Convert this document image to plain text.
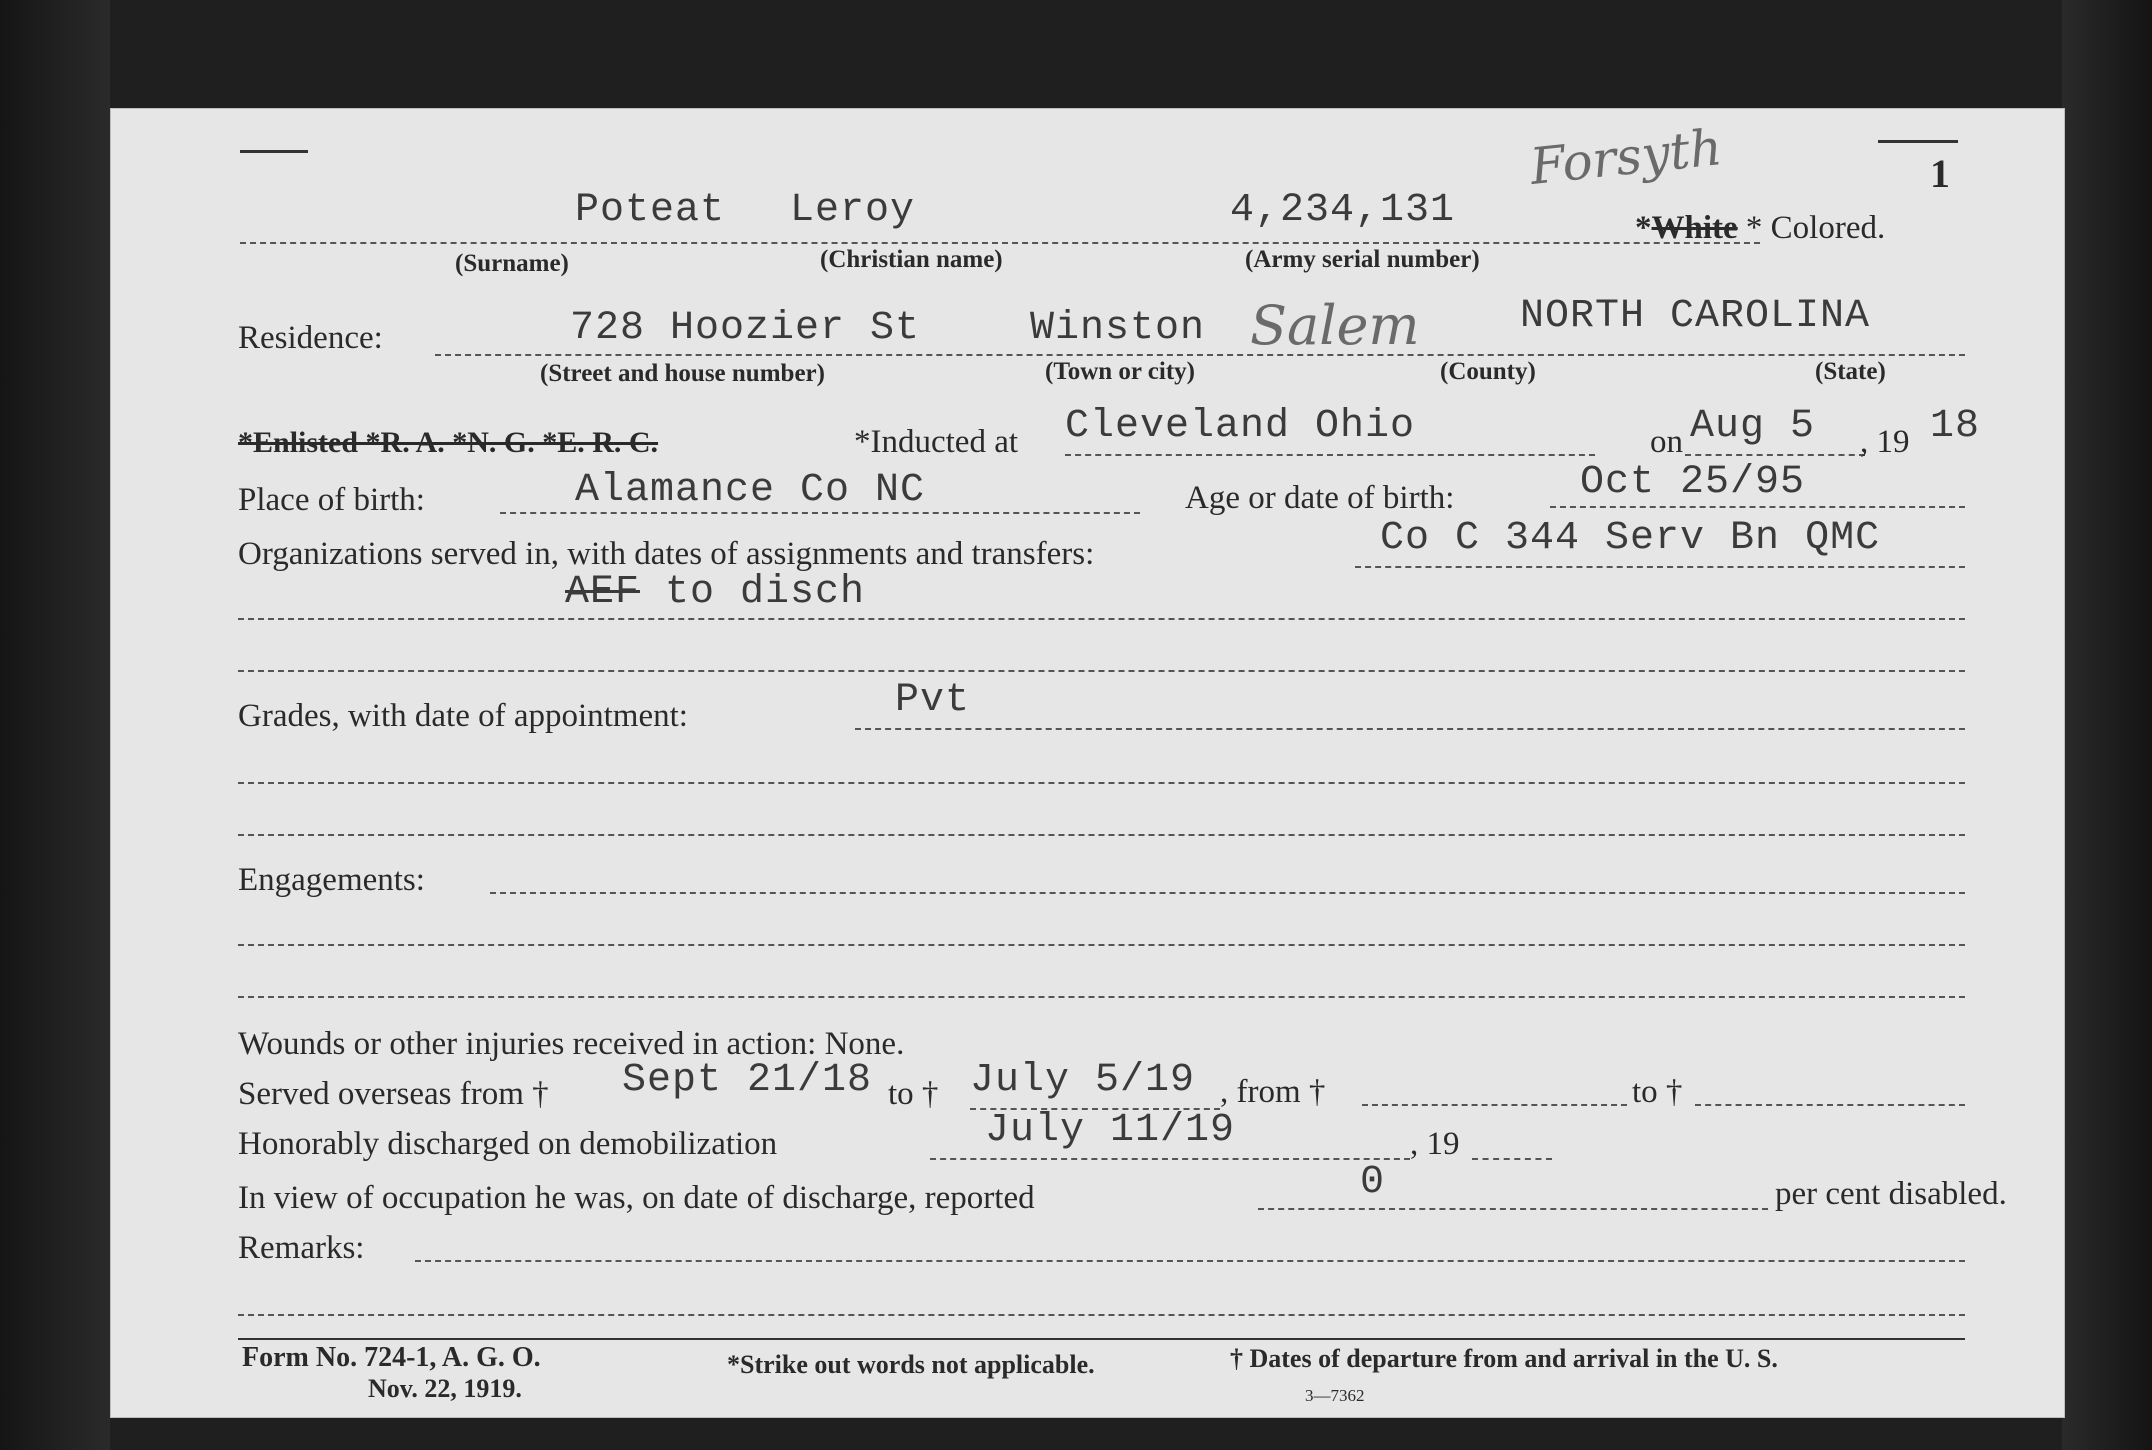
1
Forsyth
Poteat Leroy	4,234,131	*White * Colored.
(Surname)	(Christian name)	(Army serial number)
Residence:	728 Hoozier St	Winston Salem	NORTH CAROLINA
(Street and house number)	(Town or city)	(County)	(State)
*Enlisted *R. A. *N. G. *E. R. C.	*Inducted at Cleveland Ohio	on Aug 5 , 19 18
Place of birth:	Alamance Co NC	Age or date of birth:	Oct 25/95
Organizations served in, with dates of assignments and transfers:	Co C 344 Serv Bn QMC
AEF to disch
Grades, with date of appointment:	Pvt
Engagements:
Wounds or other injuries received in action: None.
Served overseas from † Sept 21/18 to † July 5/19 , from †	to †
Honorably discharged on demobilization	July 11/19	, 19
In view of occupation he was, on date of discharge, reported	0	per cent disabled.
Remarks:
Form No. 724-1, A. G. O.
Nov. 22, 1919.
*Strike out words not applicable.	† Dates of departure from and arrival in the U. S.
3—7362
